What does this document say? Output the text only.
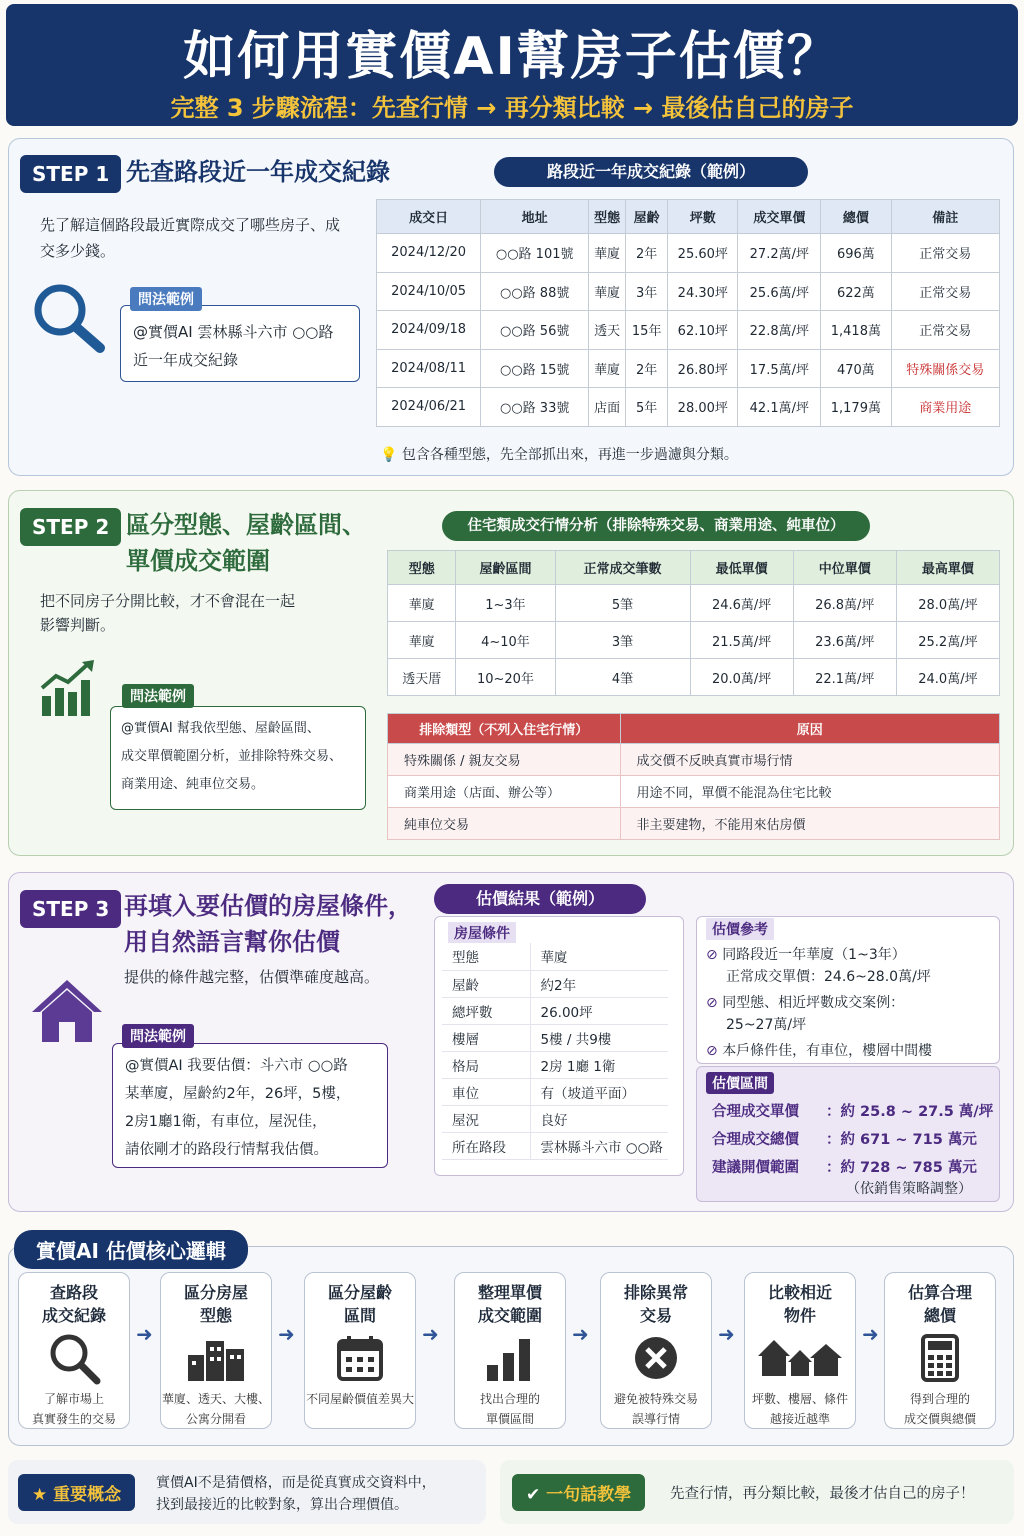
如何用實價AI幫房子估價？
完整 3 步驟流程：先查行情 → 再分類比較 → 最後估自己的房子
STEP 1 先查路段近一年成交紀錄
先了解這個路段最近實際成交了哪些房子、成交多少錢。
@實價AI 雲林縣斗六市 ○○路
近一年成交紀錄
問法範例
路段近一年成交紀錄（範例）
成交日	地址	型態	屋齡	坪數	成交單價	總價	備註
2024/12/20	○○路 101號	華廈	2年	25.60坪	27.2萬/坪	696萬	正常交易
2024/10/05	○○路 88號	華廈	3年	24.30坪	25.6萬/坪	622萬	正常交易
2024/09/18	○○路 56號	透天	15年	62.10坪	22.8萬/坪	1,418萬	正常交易
2024/08/11	○○路 15號	華廈	2年	26.80坪	17.5萬/坪	470萬	特殊關係交易
2024/06/21	○○路 33號	店面	5年	28.00坪	42.1萬/坪	1,179萬	商業用途
💡 包含各種型態，先全部抓出來，再進一步過濾與分類。
STEP 2 區分型態、屋齡區間、
單價成交範圍
把不同房子分開比較，才不會混在一起
影響判斷。
@實價AI 幫我依型態、屋齡區間、
成交單價範圍分析，並排除特殊交易、
商業用途、純車位交易。
問法範例
住宅類成交行情分析（排除特殊交易、商業用途、純車位）
型態	屋齡區間	正常成交筆數	最低單價	中位單價	最高單價
華廈	1~3年	5筆	24.6萬/坪	26.8萬/坪	28.0萬/坪
華廈	4~10年	3筆	21.5萬/坪	23.6萬/坪	25.2萬/坪
透天厝	10~20年	4筆	20.0萬/坪	22.1萬/坪	24.0萬/坪
排除類型（不列入住宅行情）	原因
特殊關係 / 親友交易	成交價不反映真實市場行情
商業用途（店面、辦公等）	用途不同，單價不能混為住宅比較
純車位交易	非主要建物，不能用來估房價
STEP 3 再填入要估價的房屋條件，
用自然語言幫你估價
提供的條件越完整，估價準確度越高。
@實價AI 我要估價：斗六市 ○○路
某華廈，屋齡約2年，26坪，5樓，
2房1廳1衛，有車位，屋況佳，
請依剛才的路段行情幫我估價。
問法範例
估價結果（範例）
房屋條件
型態	華廈
屋齡	約2年
總坪數	26.00坪
樓層	5樓 / 共9樓
格局	2房 1廳 1衛
車位	有（坡道平面）
屋況	良好
所在路段	雲林縣斗六市 ○○路
估價參考
⊘ 同路段近一年華廈（1~3年）
正常成交單價：24.6~28.0萬/坪
⊘ 同型態、相近坪數成交案例：
25~27萬/坪
⊘ 本戶條件佳，有車位，樓層中間樓
估價區間
合理成交單價 ：約 25.8 ~ 27.5 萬/坪
合理成交總價 ：約 671 ~ 715 萬元
建議開價範圍 ：約 728 ~ 785 萬元
（依銷售策略調整）
實價AI 估價核心邏輯
查路段
成交紀錄
了解市場上
真實發生的交易
➜
區分房屋
型態
華廈、透天、大樓、
公寓分開看
➜
區分屋齡
區間
不同屋齡價值差異大
➜
整理單價
成交範圍
找出合理的
單價區間
➜
排除異常
交易
避免被特殊交易
誤導行情
➜
比較相近
物件
坪數、樓層、條件
越接近越準
➜
估算合理
總價
得到合理的
成交價與總價
★ 重要概念
實價AI不是猜價格，而是從真實成交資料中，
找到最接近的比較對象，算出合理價值。	✔ 一句話教學	先查行情，再分類比較，最後才估自己的房子！
